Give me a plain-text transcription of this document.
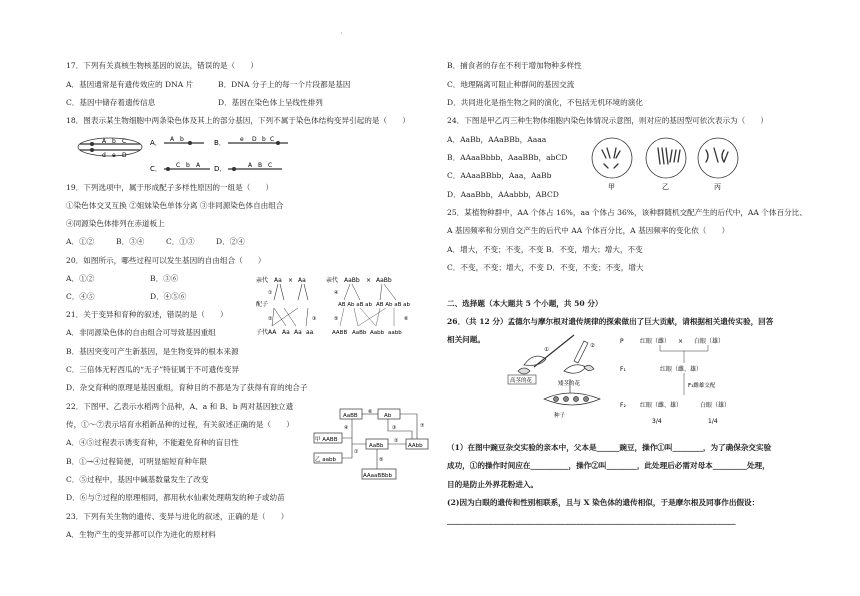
'
17．下列有关真核生物核基因的说法，错误的是（　　）
A．基因通常是有遗传效应的 DNA 片	B．DNA 分子上的每一个片段都是基因
C．基因中储存着遗传信息	D．基因在染色体上呈线性排列
18．图表示某生物细胞中两条染色体及其上的部分基因，下列不属于染色体结构变异引起的是（　　）
19．下列选项中，属于形成配子多样性原因的一组是（　　）
①染色体交叉互换 ②姐妹染色单体分离 ③非同源染色体自由组合
④同源染色体排列在赤道板上
A．①②	B．③④	C．①③	D．②④
20．如图所示，哪些过程可以发生基因的自由组合（　　）
A．①②	B．③⑥
C．④⑤	D．④⑤⑥
21．关于变异和育种的叙述，错误的是（　　）
A．非同源染色体的自由组合可导致基因重组
B．基因突变可产生新基因，是生物变异的根本来源
C．三倍体无籽西瓜的“无子”特征属于不可遗传变异
D．杂交育种的原理是基因重组，育种目的不都是为了获得有育的纯合子
22．下图甲、乙表示水稻两个品种，A、a 和 B、b 两对基因独立遗
传，①～⑦表示培育水稻新品种的过程，有关叙述正确的是（　　）
A．④⑤过程表示诱变育种，不能避免育种的盲目性
B．①→④过程简便，可明显缩短育种年限
C．⑤过程中，基因中碱基数量发生了改变
D．⑥与⑦过程的原理相同，都用秋水仙素处理萌发的种子或幼苗
23．下列有关生物的遗传、变异与进化的叙述，正确的是（　　）
A．生物产生的变异都可以作为进化的原材料
B．捕食者的存在不利于增加物种多样性
C．地理隔离可阻止种群间的基因交流
D．共同进化是指生物之间的演化，不包括无机环境的演化
24．下图是甲乙丙三种生物体细胞内染色体情况示意图，则对应的基因型可依次表示为（　　）
A．AaBb，AAaBBb，Aaaa
B．AAaaBbbb，AaaBBb，abCD
C．AAaaBBbb，Aaa，AaBb
D．AaaBbb，AAabbb，ABCD
25．某植物种群中，AA 个体占 16%，aa 个体占 36%，该种群随机交配产生的后代中，AA 个体百分比、
A 基因频率和分别自交产生的后代中 AA 个体百分比，A 基因频率的变化依（　　）
A．增大，不变；不变，不变 B．不变，增大；增大，不变
C．不变，不变；增大，不变 D．不变，不变；不变，增大
二、选择题（本大题共 5 个小题，共 50 分）
26．（共 12 分）孟德尔与摩尔根对遗传规律的探索做出了巨大贡献，请根据相关遗传实验，回答
相关问题。
（1）在图中豌豆杂交实验的亲本中，父本是______豌豆，操作①叫________，为了确保杂交实验
成功，①的操作时间应在__________，操作②叫________，此处理后必需对母本_________处理，
目的是防止外界花粉进入。
(2)因为白眼的遗传和性别相联系，且与 X 染色体的遗传相似，于是摩尔根及同事作出假设：
____________________________________________________________________________
A b C
d e D
A． A b	B． e D b C
C． C b A D．	A B C
亲代 Aa × Aa
配子
子代 AA Aa Aa aa
亲代 AaBb × AaBb
AB Ab aB ab AB Ab aB ab
AABB AaBb Aabb aabb
①
②	③
④
⑤	⑥
AaBB
甲 AABB
乙 aabb
Ab
AaBb	AAbb
AAaaBBbb
⑥
④
①
③
②
⑤
⑦
甲	乙	丙
高茎的花	矮茎的花
种子
①
②
P
F₁
F₂
红眼（雌） × 白眼（雄）
红眼（雌、雄）
F₁雌雄交配
红眼（雌、雄）	白眼（雄）
3/4	1/4
